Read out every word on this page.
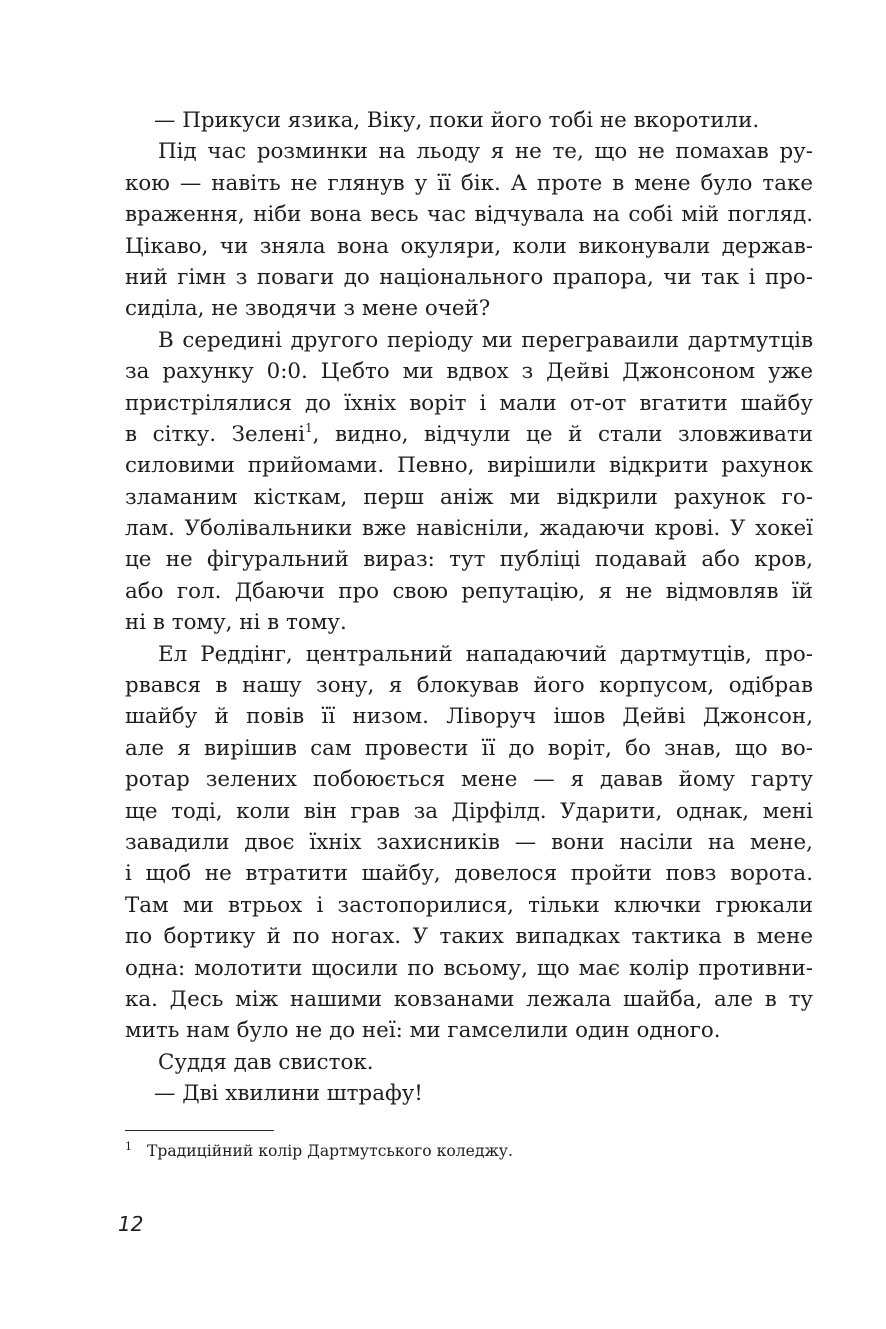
— Прикуси язика, Віку, поки його тобі не вкоротили.
Під час розминки на льоду я не те, що не помахав ру-
кою — навіть не глянув у її бік. А проте в мене було таке
враження, ніби вона весь час відчувала на собі мій погляд.
Цікаво, чи зняла вона окуляри, коли виконували держав-
ний гімн з поваги до національного прапора, чи так і про-
сиділа, не зводячи з мене очей?
В середині другого періоду ми переграваили дартмутців
за рахунку 0:0. Цебто ми вдвох з Дейві Джонсоном уже
пристрілялися до їхніх воріт і мали от-от вгатити шайбу
в сітку. Зелені$^1$, видно, відчули це й стали зловживати
силовими прийомами. Певно, вирішили відкрити рахунок
зламаним кісткам, перш аніж ми відкрили рахунок го-
лам. Уболівальники вже навісніли, жадаючи крові. У хокеї
це не фігуральний вираз: тут публіці подавай або кров,
або гол. Дбаючи про свою репутацію, я не відмовляв їй
ні в тому, ні в тому.
Ел Реддінг, центральний нападаючий дартмутців, про-
рвався в нашу зону, я блокував його корпусом, одібрав
шайбу й повів її низом. Ліворуч ішов Дейві Джонсон,
але я вирішив сам провести її до воріт, бо знав, що во-
ротар зелених побоюється мене — я давав йому гарту
ще тоді, коли він грав за Дірфілд. Ударити, однак, мені
завадили двоє їхніх захисників — вони насіли на мене,
і щоб не втратити шайбу, довелося пройти повз ворота.
Там ми втрьох і застопорилися, тільки ключки грюкали
по бортику й по ногах. У таких випадках тактика в мене
одна: молотити щосили по всьому, що має колір противни-
ка. Десь між нашими ковзанами лежала шайба, але в ту
мить нам було не до неї: ми гамселили один одного.
Суддя дав свисток.
— Дві хвилини штрафу!
$^1$ Традиційний колір Дартмутського коледжу.
12
